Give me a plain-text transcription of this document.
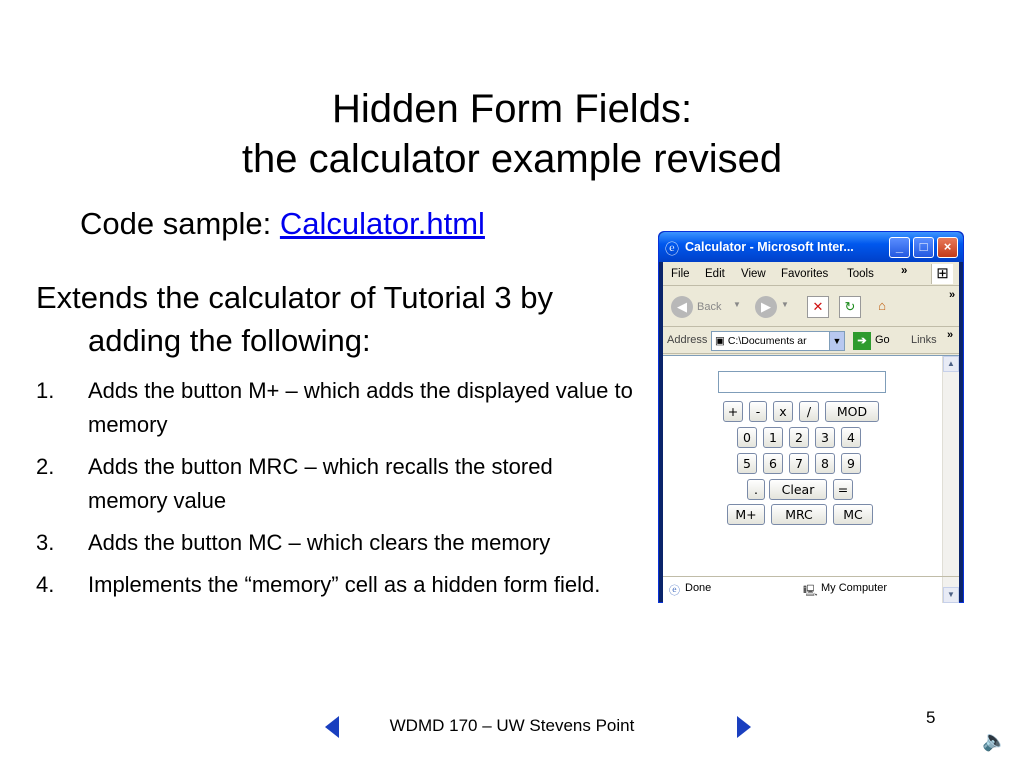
Hidden Form Fields:
the calculator example revised
Code sample: Calculator.html
Extends the calculator of Tutorial 3 by adding the following:
1. Adds the button M+ – which adds the displayed value to memory
2. Adds the button MRC – which recalls the stored memory value
3. Adds the button MC – which clears the memory
4. Implements the “memory” cell as a hidden form field.
ⓔ Calculator - Microsoft Inter...	_	□	×
File Edit View Favorites Tools »	⊞
◀ Back ▼	▶	▼	✕	↻	⌂
»
Address ▣ C:\Documents ar	▼	➔ Go Links »
+	-	x	/	MOD
0	1	2	3	4
5	6	7	8	9
.	Clear	=
M+	MRC	MC
▲
▼
ⓔ Done	🖳 My Computer
WDMD 170 – UW Stevens Point	5
🔈
